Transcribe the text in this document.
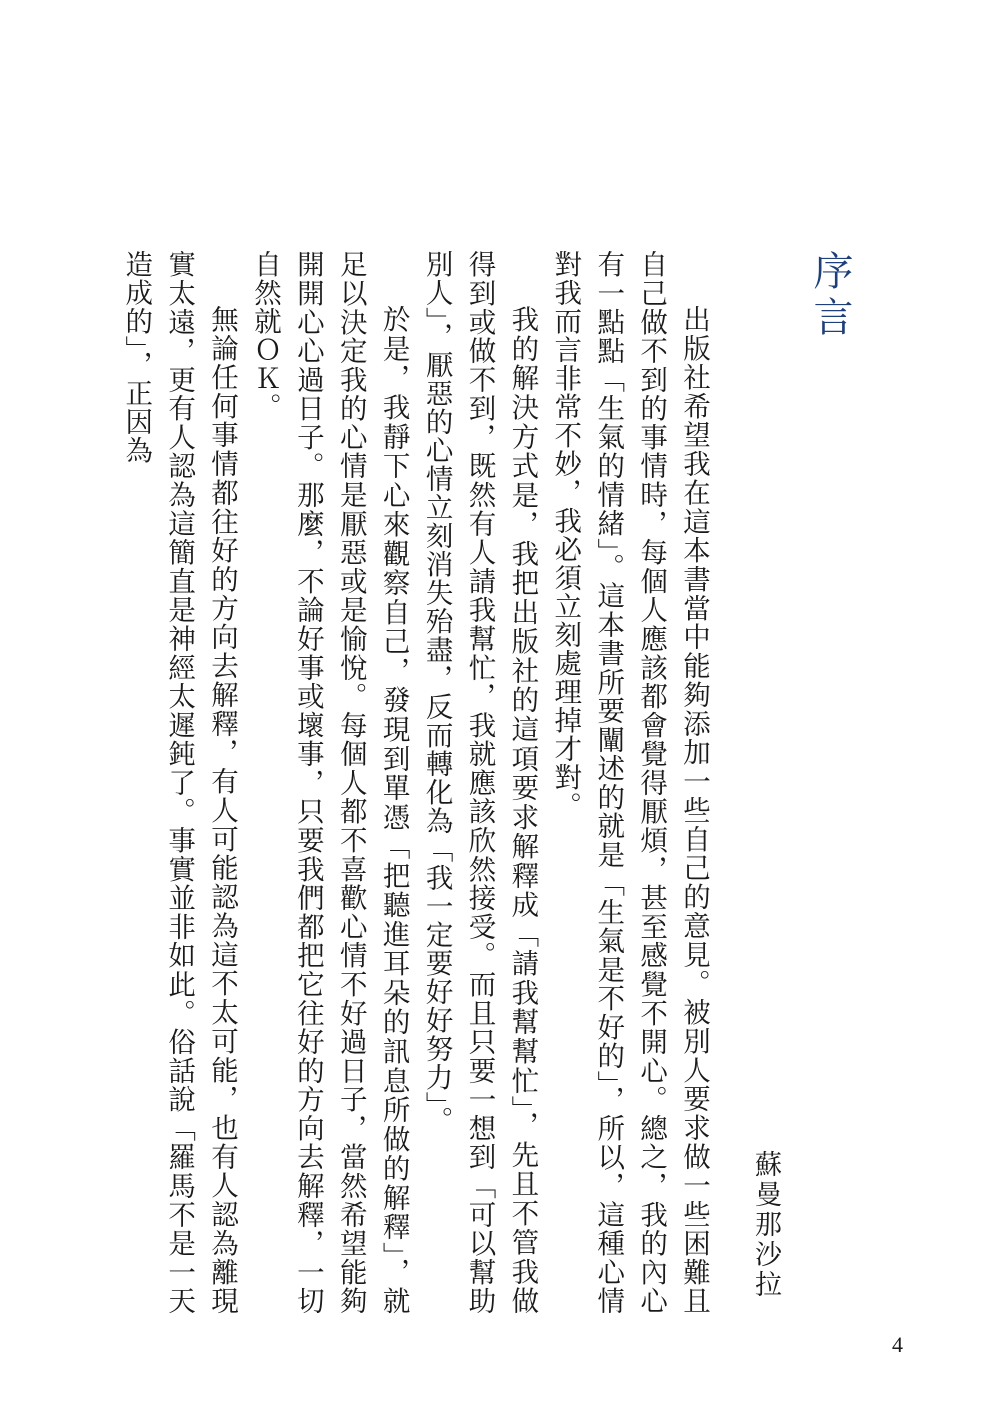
序言
蘇曼那沙拉

出版社希望我在這本書當中能夠添加一些自己的意見。被別人要求做一些困難且自己做不到的事情時，每個人應該都會覺得厭煩，甚至感覺不開心。總之，我的內心有一點點「生氣的情緒」。這本書所要闡述的就是「生氣是不好的」，所以，這種心情對我而言非常不妙，我必須立刻處理掉才對。

我的解決方式是，我把出版社的這項要求解釋成「請我幫幫忙」，先且不管我做得到或做不到，既然有人請我幫忙，我就應該欣然接受。而且只要一想到「可以幫助別人」，厭惡的心情立刻消失殆盡，反而轉化為「我一定要好好努力」。

於是，我靜下心來觀察自己，發現到單憑「把聽進耳朵的訊息所做的解釋」，就足以決定我的心情是厭惡或是愉悅。每個人都不喜歡心情不好過日子，當然希望能夠開開心心過日子。那麼，不論好事或壞事，只要我們都把它往好的方向去解釋，一切自然就ＯＫ。

無論任何事情都往好的方向去解釋，有人可能認為這不太可能，也有人認為離現實太遠，更有人認為這簡直是神經太遲鈍了。事實並非如此。俗話說「羅馬不是一天造成的」，正因為

4
